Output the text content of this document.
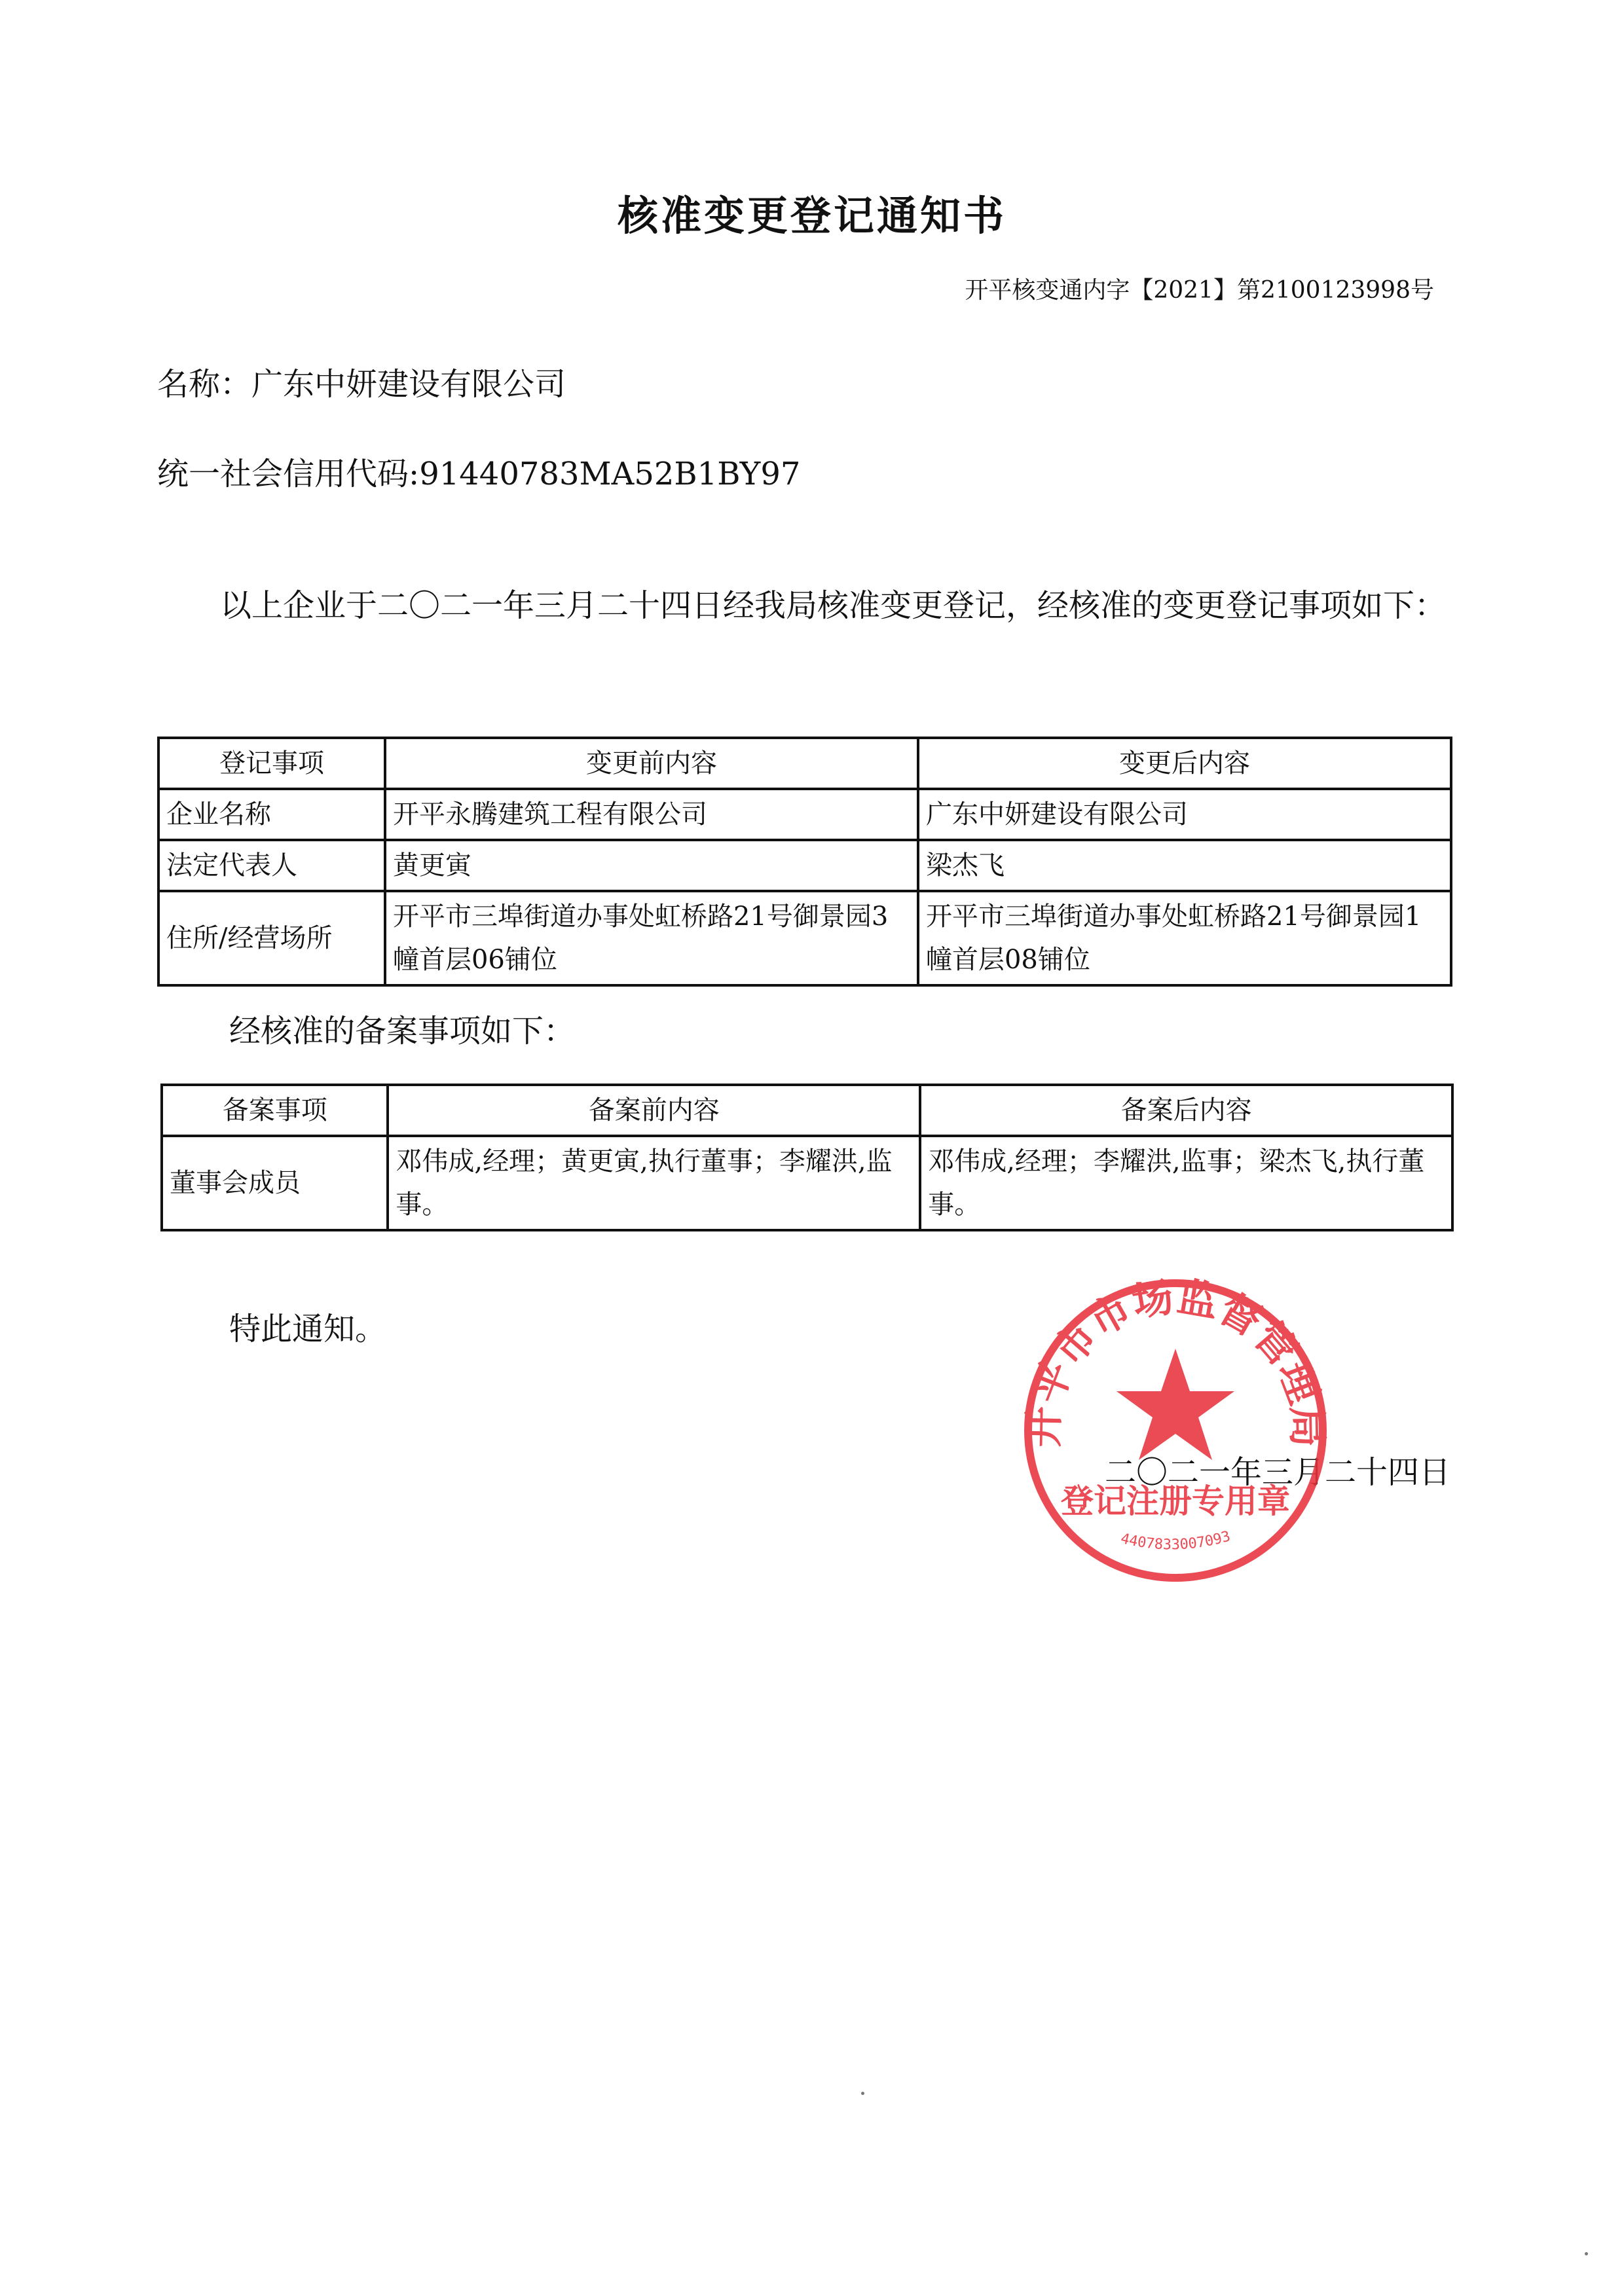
核准变更登记通知书
开平核变通内字【2021】第2100123998号
名称：广东中妍建设有限公司
统一社会信用代码:91440783MA52B1BY97
以上企业于二〇二一年三月二十四日经我局核准变更登记，经核准的变更登记事项如下：
登记事项	变更前内容	变更后内容
企业名称	开平永腾建筑工程有限公司	广东中妍建设有限公司
法定代表人	黄更寅	梁杰飞
住所/经营场所	开平市三埠街道办事处虹桥路21号御景园3幢首层06铺位	开平市三埠街道办事处虹桥路21号御景园1幢首层08铺位
经核准的备案事项如下：
备案事项	备案前内容	备案后内容
董事会成员	邓伟成,经理；黄更寅,执行董事；李耀洪,监事。	邓伟成,经理；李耀洪,监事；梁杰飞,执行董事。
特此通知。
二〇二一年三月二十四日
开平市市场监督管理局
登记注册专用章
4407833007093
